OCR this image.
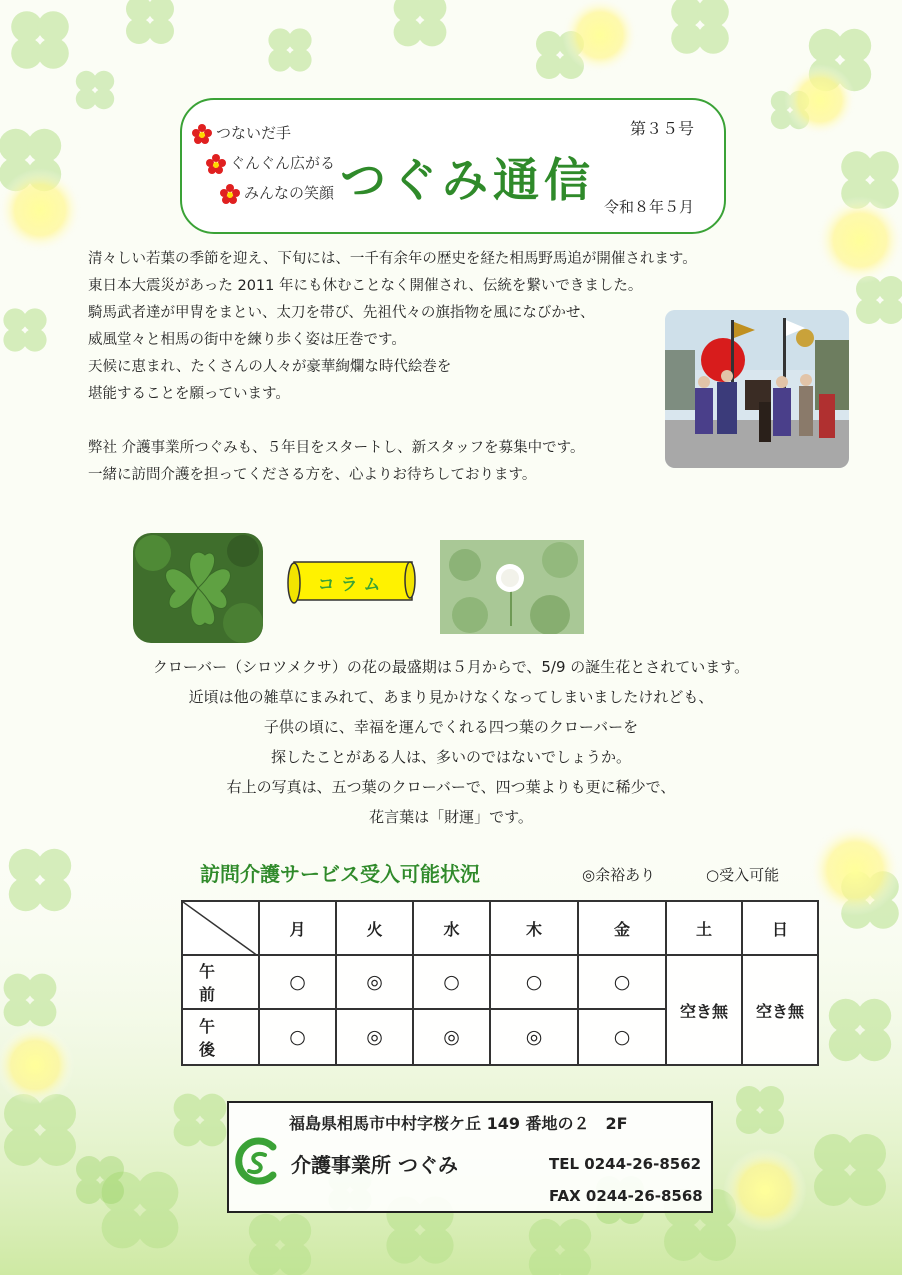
つないだ手
ぐんぐん広がる
みんなの笑顔 つぐみ通信
第３５号
令和８年５月

清々しい若葉の季節を迎え、下旬には、一千有余年の歴史を経た相馬野馬追が開催されます。

東日本大震災があった 2011 年にも休むことなく開催され、伝統を繋いできました。

騎馬武者達が甲冑をまとい、太刀を帯び、先祖代々の旗指物を風になびかせ、

威風堂々と相馬の街中を練り歩く姿は圧巻です。

天候に恵まれ、たくさんの人々が豪華絢爛な時代絵巻を

堪能することを願っています。

弊社 介護事業所つぐみも、５年目をスタートし、新スタッフを募集中です。

一緒に訪問介護を担ってくださる方を、心よりお待ちしております。

コラム

クローバー（シロツメクサ）の花の最盛期は５月からで、5/9 の誕生花とされています。

近頃は他の雑草にまみれて、あまり見かけなくなってしまいましたけれども、

子供の頃に、幸福を運んでくれる四つ葉のクローバーを

探したことがある人は、多いのではないでしょうか。

右上の写真は、五つ葉のクローバーで、四つ葉よりも更に稀少で、

花言葉は「財運」です。

訪問介護サービス受入可能状況	◎余裕あり	○受入可能
	月	火	水	木	金	土	日
午前	○	◎	○	○	○	空き無	空き無
午後	○	◎	◎	◎	○		
福島県相馬市中村字桜ケ丘 149 番地の２　2F
介護事業所 つぐみ	TEL 0244-26-8562
FAX 0244-26-8568
